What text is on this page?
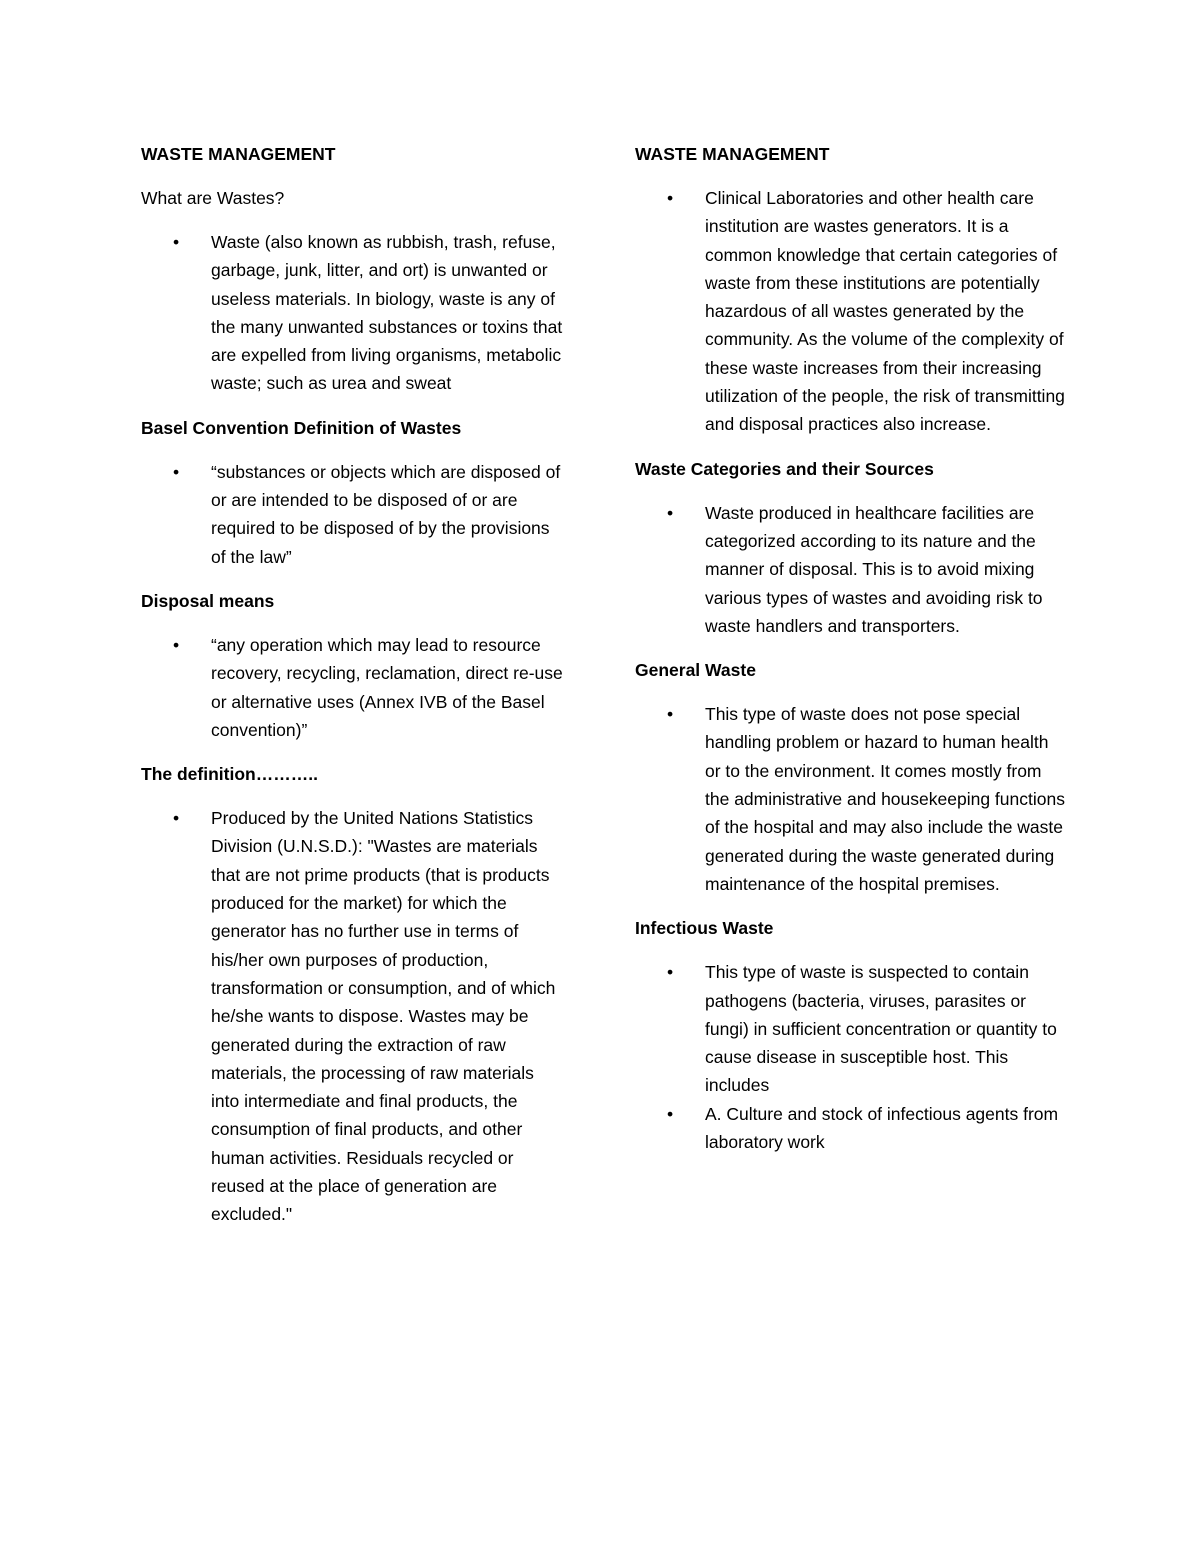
WASTE MANAGEMENT
What are Wastes?
• Waste (also known as rubbish, trash, refuse, garbage, junk, litter, and ort) is unwanted or useless materials. In biology, waste is any of the many unwanted substances or toxins that are expelled from living organisms, metabolic waste; such as urea and sweat
Basel Convention Definition of Wastes
• “substances or objects which are disposed of or are intended to be disposed of or are required to be disposed of by the provisions of the law”
Disposal means
• “any operation which may lead to resource recovery, recycling, reclamation, direct re-use or alternative uses (Annex IVB of the Basel convention)”
The definition………..
• Produced by the United Nations Statistics Division (U.N.S.D.): "Wastes are materials that are not prime products (that is products produced for the market) for which the generator has no further use in terms of his/her own purposes of production, transformation or consumption, and of which he/she wants to dispose. Wastes may be generated during the extraction of raw materials, the processing of raw materials into intermediate and final products, the consumption of final products, and other human activities. Residuals recycled or reused at the place of generation are excluded."
WASTE MANAGEMENT
• Clinical Laboratories and other health care institution are wastes generators. It is a common knowledge that certain categories of waste from these institutions are potentially hazardous of all wastes generated by the community. As the volume of the complexity of these waste increases from their increasing utilization of the people, the risk of transmitting and disposal practices also increase.
Waste Categories and their Sources
• Waste produced in healthcare facilities are categorized according to its nature and the manner of disposal. This is to avoid mixing various types of wastes and avoiding risk to waste handlers and transporters.
General Waste
• This type of waste does not pose special handling problem or hazard to human health or to the environment. It comes mostly from the administrative and housekeeping functions of the hospital and may also include the waste generated during the waste generated during maintenance of the hospital premises.
Infectious Waste
• This type of waste is suspected to contain pathogens (bacteria, viruses, parasites or fungi) in sufficient concentration or quantity to cause disease in susceptible host. This includes
• A. Culture and stock of infectious agents from laboratory work
